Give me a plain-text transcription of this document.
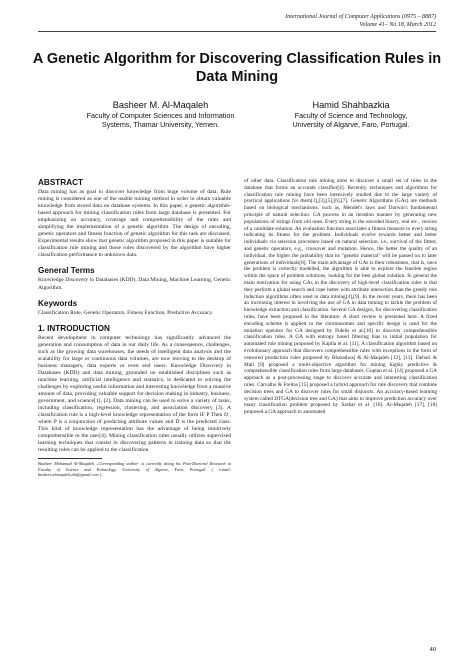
International Journal of Computer Applications (0975 – 8887)
Volume 41– No.18, March 2012
A Genetic Algorithm for Discovering Classification Rules in Data Mining
Basheer M. Al-Maqaleh
Faculty of Computer Sciences and Information Systems, Thamar University, Yemen.
Hamid Shahbazkia
Faculty of Science and Technology, University of Algarve, Faro, Portugal.
ABSTRACT

Data mining has as goal to discover knowledge from huge volume of data. Rule mining is considered as one of the usable mining method in order to obtain valuable knowledge from stored data on database systems. In this paper, a genetic algorithm-based approach for mining classification rules from large database is presented. For emphasizing on accuracy, coverage and comprehensibility of the rules and simplifying the implementation of a genetic algorithm. The design of encoding, genetic operators and fitness function of genetic algorithm for this task are discussed. Experimental results show that genetic algorithm proposed in this paper is suitable for classification rule mining and those rules discovered by the algorithm have higher classification performance to unknown data.

General Terms

Knowledge Discovery in Databases (KDD), Data Mining, Machine Learning, Genetic Algorithm.

Keywords

Classification Rule, Genetic Operators, Fitness Function, Predictive Accuracy.

1. INTRODUCTION

Recent development in computer technology has significantly advanced the generation and consumption of data in our daily life. As a consequence, challenges, such as the growing data warehouses, the needs of intelligent data analysis and the scalability for large or continuous data volumes, are now moving to the desktop of business managers, data experts or even end users. Knowledge Discovery in Databases (KDD) and data mining, grounded on established disciplines such as machine learning, artificial intelligence and statistics, is dedicated to solving the challenges by exploring useful information and interesting knowledge from a massive amount of data, providing valuable support for decision making in industry, business, government, and science[1], [2]. Data mining can be used to solve a variety of tasks, including classification, regression, clustering, and association discovery [3]. A classification rule is a high-level knowledge representation of the form IF P Then D , where P is a conjunction of predicting attribute values and D is the predicted class. This kind of knowledge representation has the advantage of being intuitively comprehensible to the user[4]. Mining classification rules usually utilizes supervised learning techniques that consist in discovering patterns in training data so that the resulting rules can be applied to the classification

Basheer Mohamad Al-Maqaleh –Corresponding author- is currently doing his Post-Doctoral Research at Faculty of Science and Technology, University of Algarve, Faro, Portugal. ( e-mail: basheer.almaqaleh.dm@gmail.com ).

of other data. Classification rule mining aims to discover a small set of rules in the database that forms an accurate classifier[4]. Recently, techniques and algorithms for classification rule mining have been intensively studied due to the large variety of practical applications for them[1],[3],[5],[6],[7]. Genetic Algorithms (GAs) are methods based on biological mechanisms, such as, Mendel's laws and Darwin's fundamental principle of natural selection. GA process in an iteration manner by generating new populations of strings from old ones. Every string is the encoded binary, real etc., version of a candidate solution. An evaluation function associates a fitness measure to every string indicating its fitness for the problem. Individuals evolve towards better and better individuals via selection procedure based on natural selection, i.e., survival of the fittest, and genetic operators, e.g., crossover and mutation. Hence, the better the quality of an individual, the higher the probability that its "genetic material" will be passed on to later generations of individuals[8]. The main advantage of GAs is their robustness, that is, once the problem is correctly modelled, the algorithm is able to explore the feasible region within the space of problem solutions, looking for the best global solution. In general the main motivation for using GAs in the discovery of high-level classification rules is that they perform a global search and cope better with attribute interaction than the greedy rule induction algorithms often used in data mining[4],[9]. In the recent years, there has been an increasing interest in involving the use of GA in data mining to tackle the problem of knowledge extraction and classification. Several GA designs, for discovering classification rules, have been proposed in the literature. A short review is presented here. A fixed encoding scheme is applied to the chromosomes and specific design is used for the mutation operator for GA designed by Fidelis et al.[10] to discover comprehensible classification rules. A GA with entropy based filtering bias to initial population for automated rule mining proposed by Kapila et al. [11]. A classification algorithm based on evolutionary approach that discovers comprehensible rules with exceptions in the form of censored production rules proposed by Bharadwaj & Al-Maqaleh [12], [13]. Dehuri & Mall [9] proposed a multi-objective algorithm for mining highly predictive & comprehensible classification rules from large databases. Goplan et al. [14] proposed a GA approach as a post-processing stage to discover accurate and interesting classification rules. Carvalho & Freitas [15] proposed a hybrid approach for rule discovery that combine decision trees and GA to discover rules for small disjuncts. An accuracy-based learning system called DTGA(decision tree and GA) that aims to improve prediction accuracy over many classification problem proposed by Sarkar et al. [16]. Al-Maqaleh [17], [18] proposed a GA approach to automated

40
